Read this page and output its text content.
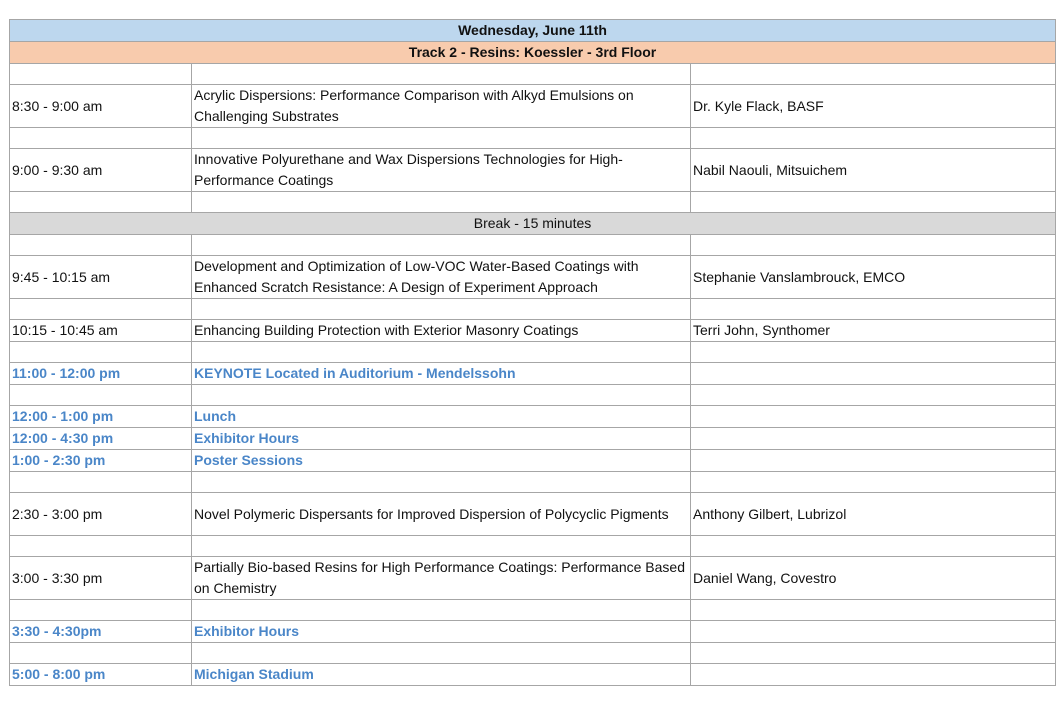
Wednesday, June 11th		
Track 2 - Resins: Koessler - 3rd Floor		

8:30 - 9:00 am	Acrylic Dispersions: Performance Comparison with Alkyd Emulsions on Challenging Substrates	Dr. Kyle Flack, BASF

9:00 - 9:30 am	Innovative Polyurethane and Wax Dispersions Technologies for High-Performance Coatings	Nabil Naouli, Mitsuichem

Break - 15 minutes		

9:45 - 10:15 am	Development and Optimization of Low-VOC Water-Based Coatings with Enhanced Scratch Resistance: A Design of Experiment Approach	Stephanie Vanslambrouck, EMCO

10:15 - 10:45 am	Enhancing Building Protection with Exterior Masonry Coatings	Terri John, Synthomer

11:00 - 12:00 pm	KEYNOTE Located in Auditorium - Mendelssohn	

12:00 - 1:00 pm	Lunch	
12:00 - 4:30 pm	Exhibitor Hours	
1:00 - 2:30 pm	Poster Sessions	

2:30 - 3:00 pm	Novel Polymeric Dispersants for Improved Dispersion of Polycyclic Pigments	Anthony Gilbert, Lubrizol

3:00 - 3:30 pm	Partially Bio-based Resins for High Performance Coatings: Performance Based on Chemistry	Daniel Wang, Covestro

3:30 - 4:30pm	Exhibitor Hours	

5:00 - 8:00 pm	Michigan Stadium	
